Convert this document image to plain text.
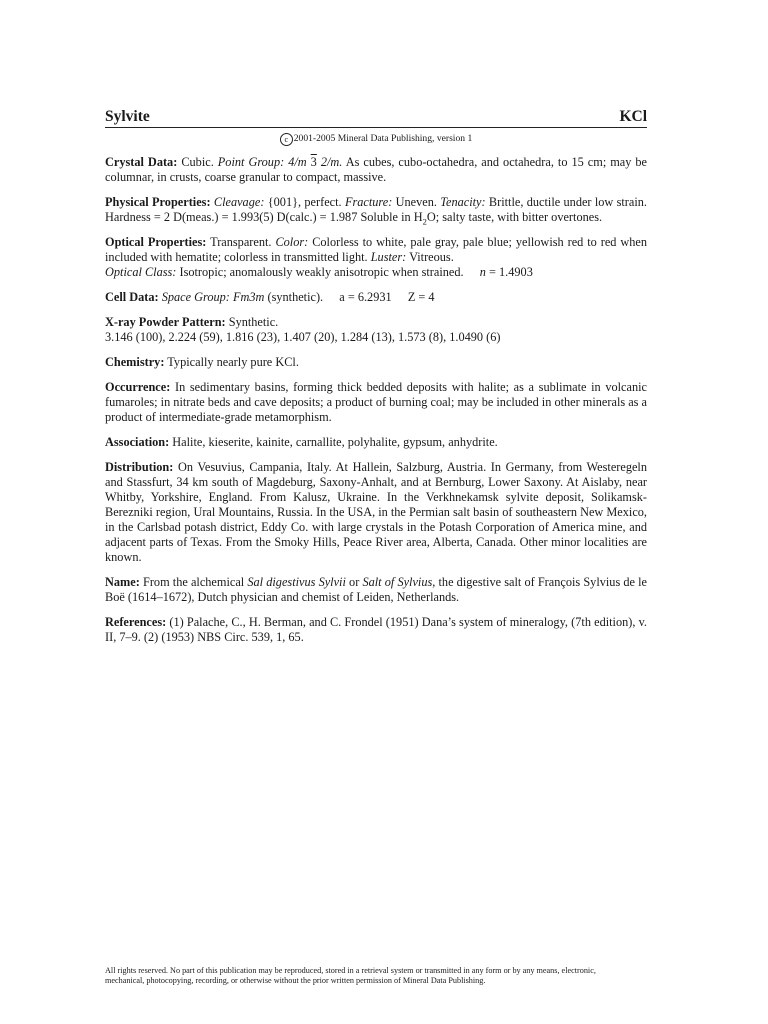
Sylvite	KCl
c 2001-2005 Mineral Data Publishing, version 1

Crystal Data: Cubic. Point Group: 4/m 3 2/m. As cubes, cubo-octahedra, and octahedra, to 15 cm; may be columnar, in crusts, coarse granular to compact, massive.

Physical Properties: Cleavage: {001}, perfect. Fracture: Uneven. Tenacity: Brittle, ductile under low strain. Hardness = 2 D(meas.) = 1.993(5) D(calc.) = 1.987 Soluble in $H_2O$; salty taste, with bitter overtones.

Optical Properties: Transparent. Color: Colorless to white, pale gray, pale blue; yellowish red to red when included with hematite; colorless in transmitted light. Luster: Vitreous.
Optical Class: Isotropic; anomalously weakly anisotropic when strained. n = 1.4903

Cell Data: Space Group: Fm3m (synthetic). a = 6.2931 Z = 4

X-ray Powder Pattern: Synthetic.
3.146 (100), 2.224 (59), 1.816 (23), 1.407 (20), 1.284 (13), 1.573 (8), 1.0490 (6)

Chemistry: Typically nearly pure KCl.

Occurrence: In sedimentary basins, forming thick bedded deposits with halite; as a sublimate in volcanic fumaroles; in nitrate beds and cave deposits; a product of burning coal; may be included in other minerals as a product of intermediate-grade metamorphism.

Association: Halite, kieserite, kainite, carnallite, polyhalite, gypsum, anhydrite.

Distribution: On Vesuvius, Campania, Italy. At Hallein, Salzburg, Austria. In Germany, from Westeregeln and Stassfurt, 34 km south of Magdeburg, Saxony-Anhalt, and at Bernburg, Lower Saxony. At Aislaby, near Whitby, Yorkshire, England. From Kalusz, Ukraine. In the Verkhnekamsk sylvite deposit, Solikamsk-Berezniki region, Ural Mountains, Russia. In the USA, in the Permian salt basin of southeastern New Mexico, in the Carlsbad potash district, Eddy Co. with large crystals in the Potash Corporation of America mine, and adjacent parts of Texas. From the Smoky Hills, Peace River area, Alberta, Canada. Other minor localities are known.

Name: From the alchemical Sal digestivus Sylvii or Salt of Sylvius, the digestive salt of François Sylvius de le Boë (1614–1672), Dutch physician and chemist of Leiden, Netherlands.

References: (1) Palache, C., H. Berman, and C. Frondel (1951) Dana’s system of mineralogy, (7th edition), v. II, 7–9. (2) (1953) NBS Circ. 539, 1, 65.

All rights reserved. No part of this publication may be reproduced, stored in a retrieval system or transmitted in any form or by any means, electronic, mechanical, photocopying, recording, or otherwise without the prior written permission of Mineral Data Publishing.
